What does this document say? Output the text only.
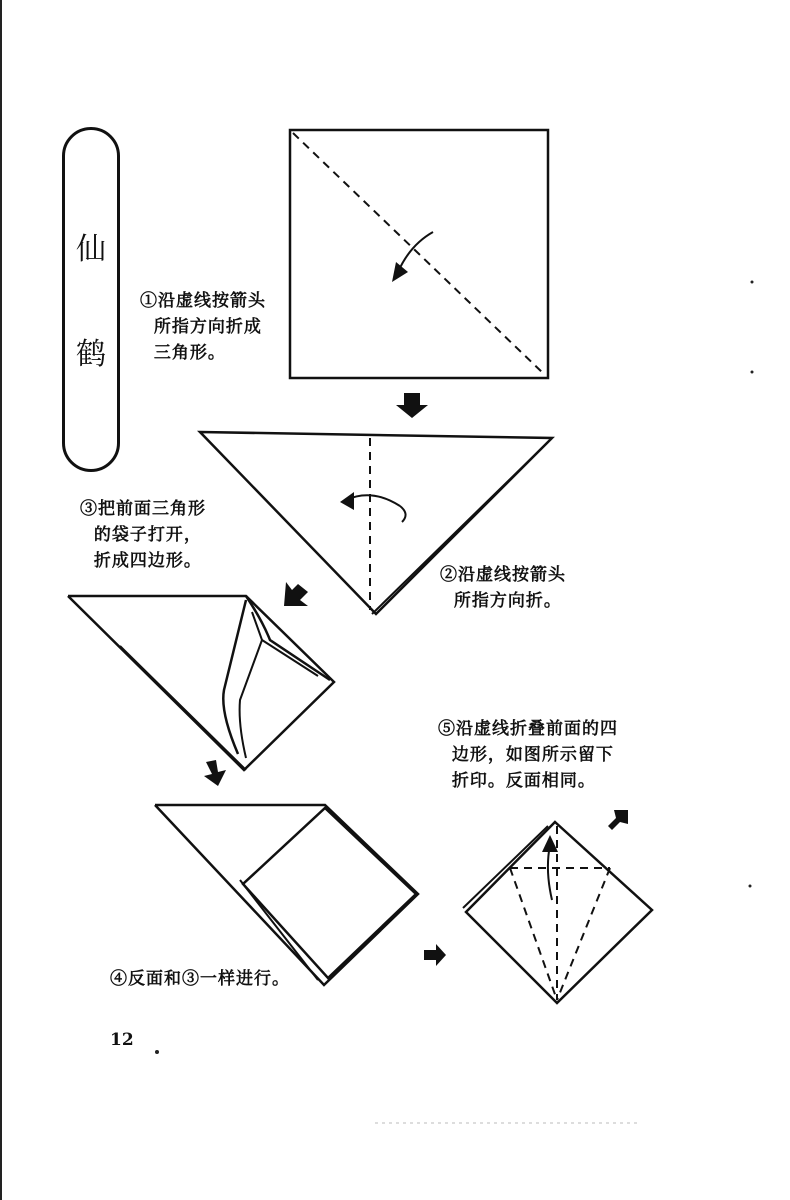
仙
鹤
①沿虚线按箭头
所指方向折成
三角形。
②沿虚线按箭头
所指方向折。
③把前面三角形
的袋子打开，
折成四边形。
④反面和③一样进行。
⑤沿虚线折叠前面的四
边形，如图所示留下
折印。反面相同。
12
